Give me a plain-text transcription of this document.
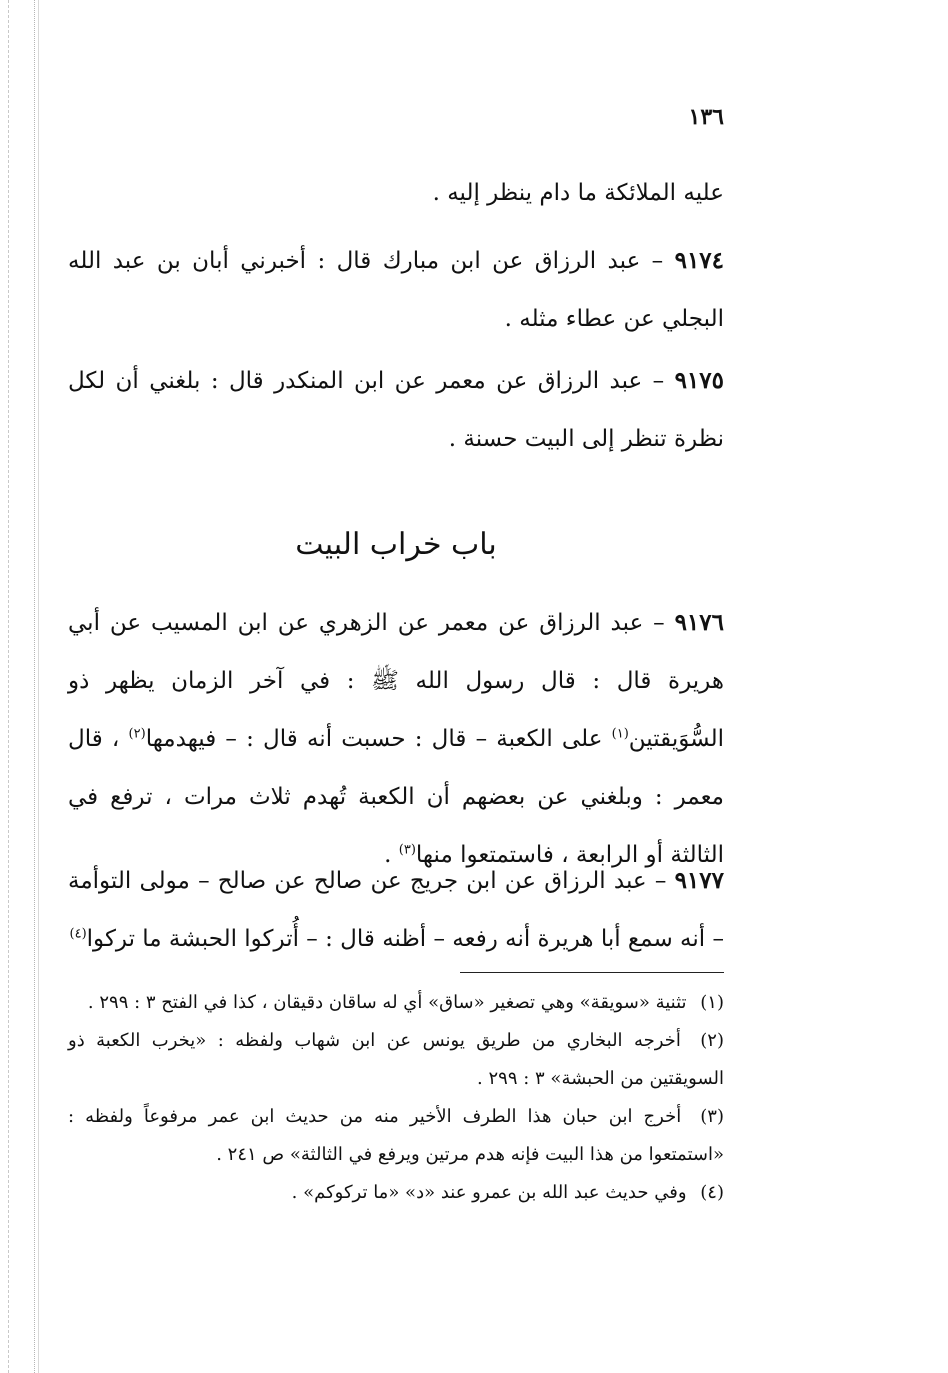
١٣٦

عليه الملائكة ما دام ينظر إليه .

٩١٧٤ – عبد الرزاق عن ابن مبارك قال : أخبرني أبان بن عبد الله البجلي عن عطاء مثله .

٩١٧٥ – عبد الرزاق عن معمر عن ابن المنكدر قال : بلغني أن لكل نظرة تنظر إلى البيت حسنة .

باب خراب البيت

٩١٧٦ – عبد الرزاق عن معمر عن الزهري عن ابن المسيب عن أبي هريرة قال : قال رسول الله ﷺ : في آخر الزمان يظهر ذو السُّوَيقتين$^{(١)}$ على الكعبة – قال : حسبت أنه قال : – فيهدمها$^{(٢)}$ ، قال معمر : وبلغني عن بعضهم أن الكعبة تُهدم ثلاث مرات ، ترفع في الثالثة أو الرابعة ، فاستمتعوا منها$^{(٣)}$ .

٩١٧٧ – عبد الرزاق عن ابن جريج عن صالح عن صالح – مولى التوأمة – أنه سمع أبا هريرة أنه رفعه – أظنه قال : – أُتركوا الحبشة ما تركوا$^{(٤)}$

(١) تثنية «سويقة» وهي تصغير «ساق» أي له ساقان دقيقان ، كذا في الفتح ٣ : ٢٩٩ .
(٢) أخرجه البخاري من طريق يونس عن ابن شهاب ولفظه : «يخرب الكعبة ذو السويقتين من الحبشة» ٣ : ٢٩٩ .
(٣) أخرج ابن حبان هذا الطرف الأخير منه من حديث ابن عمر مرفوعاً ولفظه : «استمتعوا من هذا البيت فإنه هدم مرتين ويرفع في الثالثة» ص ٢٤١ .
(٤) وفي حديث عبد الله بن عمرو عند «د» «ما تركوكم» .
